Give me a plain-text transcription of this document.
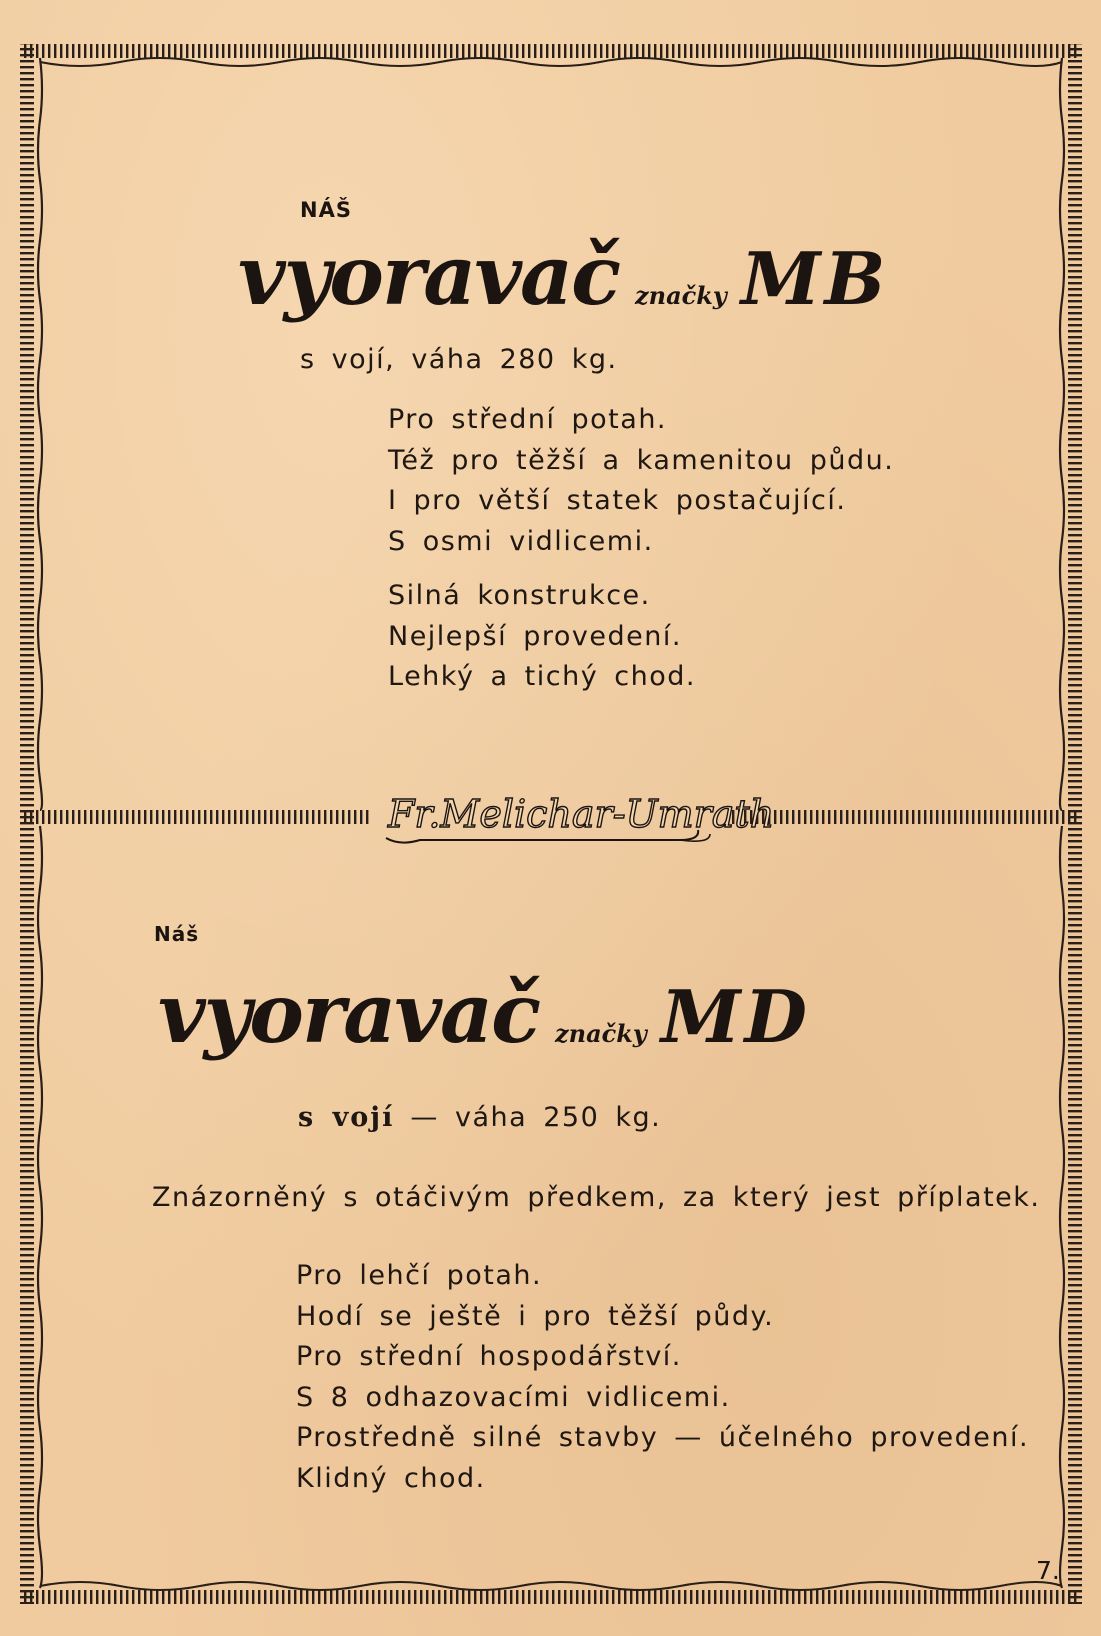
NÁŠ
vyoravač značky MB
s vojí, váha 280 kg.
Pro střední potah.
Též pro těžší a kamenitou půdu.
I pro větší statek postačující.
S osmi vidlicemi.
Silná konstrukce.
Nejlepší provedení.
Lehký a tichý chod.
Fr.Melichar-Umrath
Náš
vyoravač značky MD
s vojí — váha 250 kg.
Znázorněný s otáčivým předkem, za který jest příplatek.
Pro lehčí potah.
Hodí se ještě i pro těžší půdy.
Pro střední hospodářství.
S 8 odhazovacími vidlicemi.
Prostředně silné stavby — účelného provedení.
Klidný chod.
7.
